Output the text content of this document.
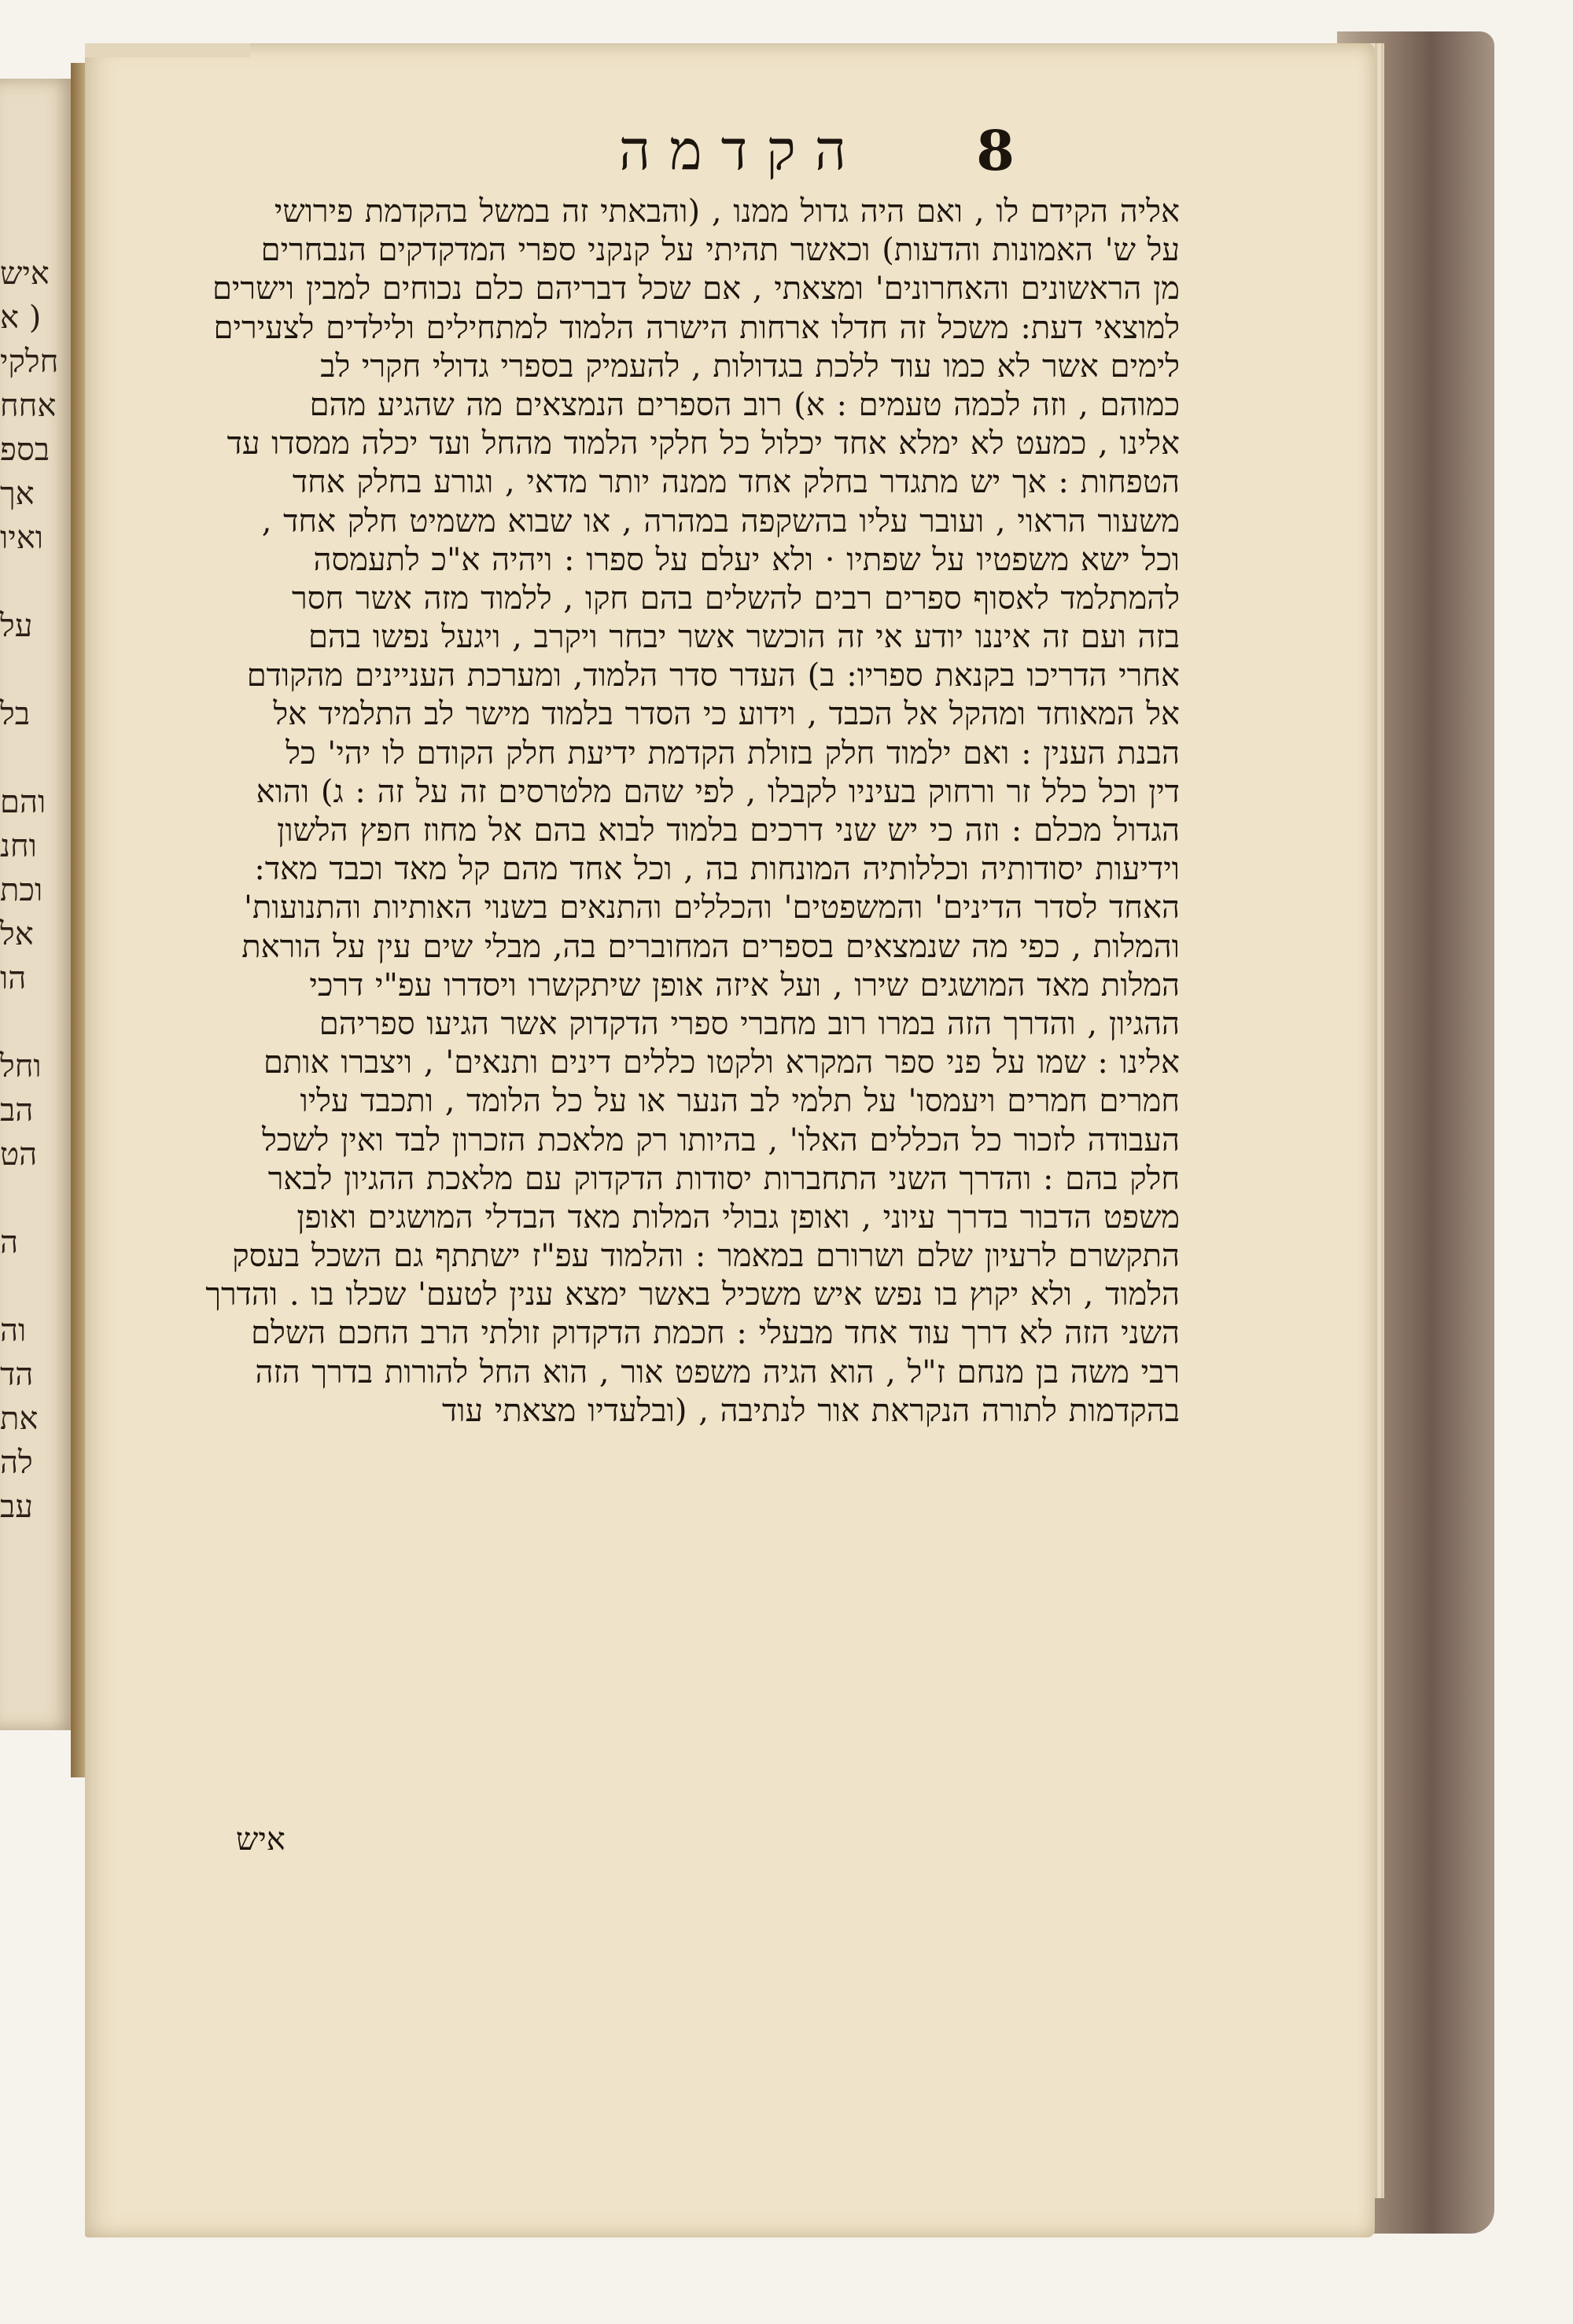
איש
( א
חלקי
אחח
בספ
אך
ואיו
על
בל
והם
וחנ
וכת
אל
הו
וחל
הב
הט
ה
וה
הד
את
לה
עב
8
הקדמה
אליה הקידם לו , ואם היה גדול ממנו , (והבאתי זה במשל בהקדמת פירושי
על ש' האמונות והדעות) וכאשר תהיתי על קנקני ספרי המדקדקים הנבחרים
מן הראשונים והאחרונים' ומצאתי , אם שכל דבריהם כלם נכוחים למבין וישרים
למוצאי דעת: משכל זה חדלו ארחות הישרה הלמוד למתחילים ולילדים לצעירים
לימים אשר לא כמו עוד ללכת בגדולות , להעמיק בספרי גדולי חקרי לב
כמוהם , וזה לכמה טעמים : א) רוב הספרים הנמצאים מה שהגיע מהם
אלינו , כמעט לא ימלא אחד יכלול כל חלקי הלמוד מהחל ועד יכלה ממסדו עד
הטפחות : אך יש מתגדר בחלק אחד ממנה יותר מדאי , וגורע בחלק אחד
משעור הראוי , ועובר עליו בהשקפה במהרה , או שבוא משמיט חלק אחד ,
וכל ישא משפטיו על שפתיו · ולא יעלם על ספרו : ויהיה א"כ לתעמסה
להמתלמד לאסוף ספרים רבים להשלים בהם חקו , ללמוד מזה אשר חסר
בזה ועם זה איננו יודע אי זה הוכשר אשר יבחר ויקרב , ויגעל נפשו בהם
אחרי הדריכו בקנאת ספריו: ב) העדר סדר הלמוד, ומערכת העניינים מהקודם
אל המאוחד ומהקל אל הכבד , וידוע כי הסדר בלמוד מישר לב התלמיד אל
הבנת הענין : ואם ילמוד חלק בזולת הקדמת ידיעת חלק הקודם לו יהי' כל
דין וכל כלל זר ורחוק בעיניו לקבלו , לפי שהם מלטרסים זה על זה : ג) והוא
הגדול מכלם : וזה כי יש שני דרכים בלמוד לבוא בהם אל מחוז חפץ הלשון
וידיעות יסודותיה וכללותיה המונחות בה , וכל אחד מהם קל מאד וכבד מאד:
האחד לסדר הדינים' והמשפטים' והכללים והתנאים בשנוי האותיות והתנועות'
והמלות , כפי מה שנמצאים בספרים המחוברים בה, מבלי שים עין על הוראת
המלות מאד המושגים שירו , ועל איזה אופן שיתקשרו ויסדרו עפ"י דרכי
ההגיון , והדרך הזה במרו רוב מחברי ספרי הדקדוק אשר הגיעו ספריהם
אלינו : שמו על פני ספר המקרא ולקטו כללים דינים ותנאים' , ויצברו אותם
חמרים חמרים ויעמסו' על תלמי לב הנער או על כל הלומד , ותכבד עליו
העבודה לזכור כל הכללים האלו' , בהיותו רק מלאכת הזכרון לבד ואין לשכל
חלק בהם : והדרך השני התחברות יסודות הדקדוק עם מלאכת ההגיון לבאר
משפט הדבור בדרך עיוני , ואופן גבולי המלות מאד הבדלי המושגים ואופן
התקשרם לרעיון שלם ושרורם במאמר : והלמוד עפ"ז ישתתף גם השכל בעסק
הלמוד , ולא יקוץ בו נפש איש משכיל באשר ימצא ענין לטעם' שכלו בו . והדרך
השני הזה לא דרך עוד אחד מבעלי : חכמת הדקדוק זולתי הרב החכם השלם
רבי משה בן מנחם ז"ל , הוא הגיה משפט אור , הוא החל להורות בדרך הזה
בהקדמות לתורה הנקראת אור לנתיבה , (ובלעדיו מצאתי עוד
איש
